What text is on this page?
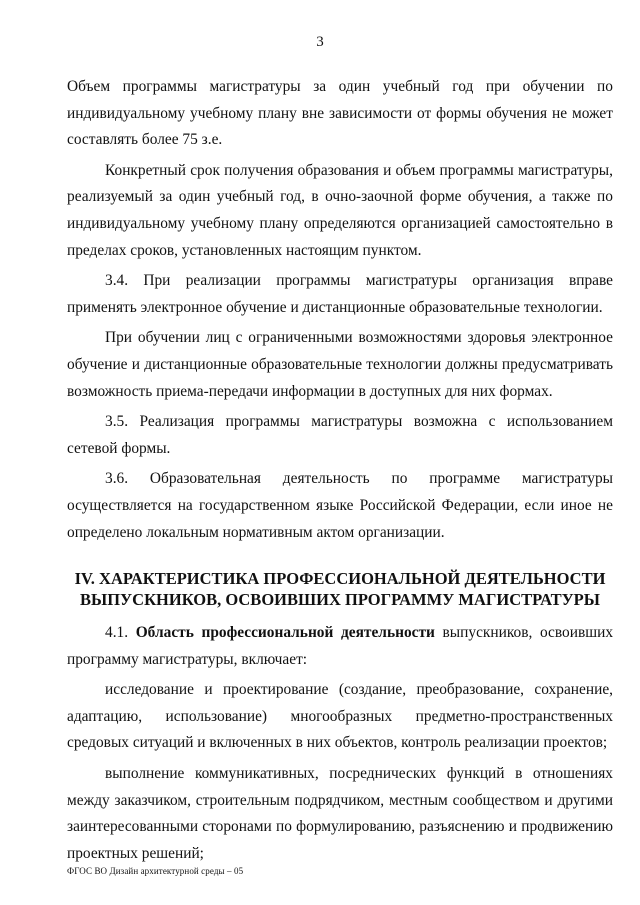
3

Объем программы магистратуры за один учебный год при обучении по индивидуальному учебному плану вне зависимости от формы обучения не может составлять более 75 з.е.

Конкретный срок получения образования и объем программы магистратуры, реализуемый за один учебный год, в очно-заочной форме обучения, а также по индивидуальному учебному плану определяются организацией самостоятельно в пределах сроков, установленных настоящим пунктом.

3.4. При реализации программы магистратуры организация вправе применять электронное обучение и дистанционные образовательные технологии.

При обучении лиц с ограниченными возможностями здоровья электронное обучение и дистанционные образовательные технологии должны предусматривать возможность приема-передачи информации в доступных для них формах.

3.5. Реализация программы магистратуры возможна с использованием сетевой формы.

3.6. Образовательная деятельность по программе магистратуры осуществляется на государственном языке Российской Федерации, если иное не определено локальным нормативным актом организации.

IV. ХАРАКТЕРИСТИКА ПРОФЕССИОНАЛЬНОЙ ДЕЯТЕЛЬНОСТИ
ВЫПУСКНИКОВ, ОСВОИВШИХ ПРОГРАММУ МАГИСТРАТУРЫ

4.1. Область профессиональной деятельности выпускников, освоивших программу магистратуры, включает:

исследование и проектирование (создание, преобразование, сохранение, адаптацию, использование) многообразных предметно-пространственных средовых ситуаций и включенных в них объектов, контроль реализации проектов;

выполнение коммуникативных, посреднических функций в отношениях между заказчиком, строительным подрядчиком, местным сообществом и другими заинтересованными сторонами по формулированию, разъяснению и продвижению проектных решений;

ФГОС ВО Дизайн архитектурной среды – 05
